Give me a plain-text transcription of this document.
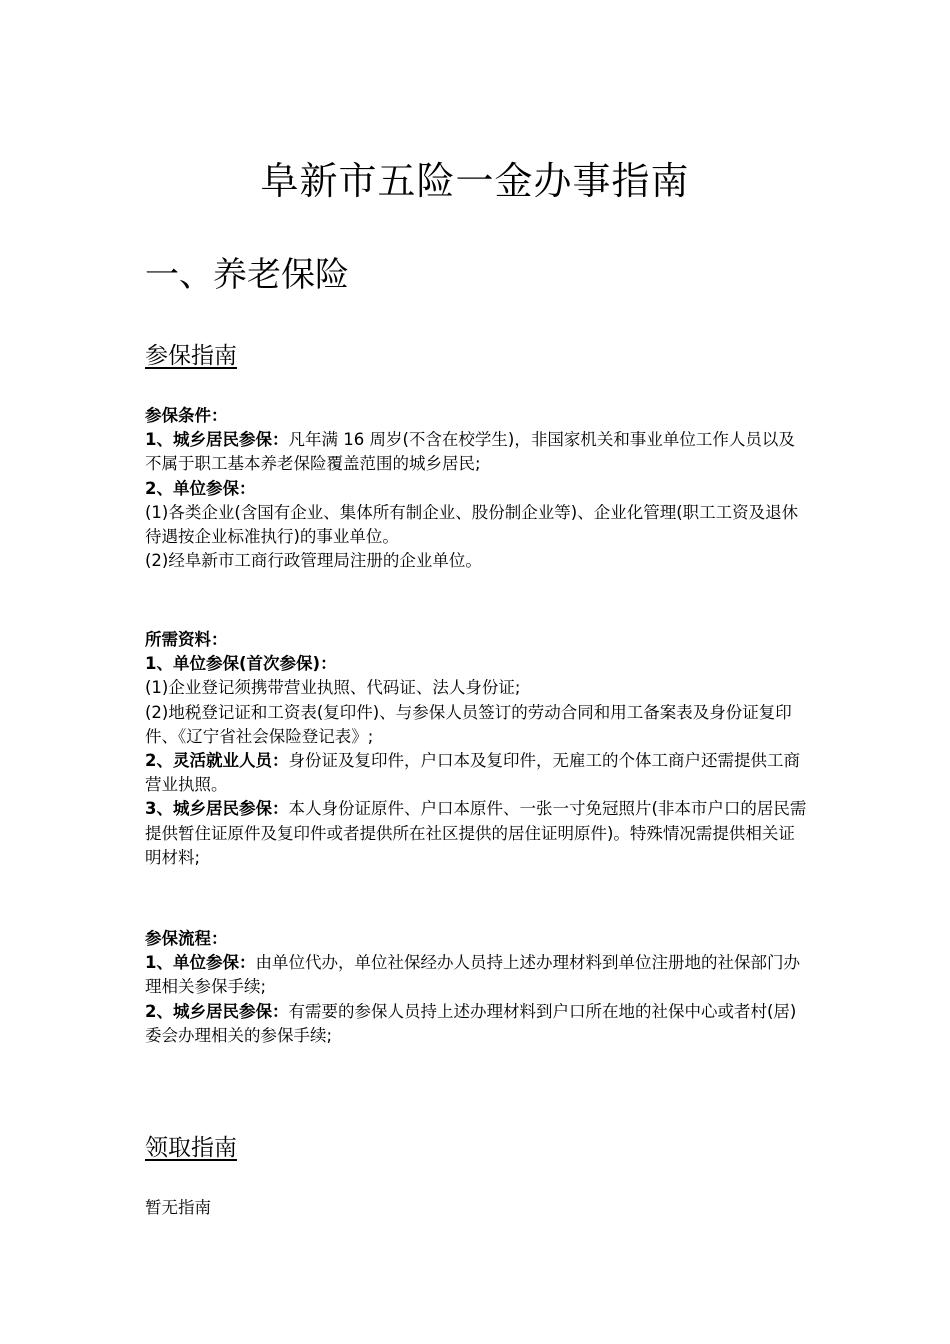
阜新市五险一金办事指南
一、养老保险
参保指南

参保条件：

1、城乡居民参保：凡年满 16 周岁(不含在校学生)，非国家机关和事业单位工作人员以及不属于职工基本养老保险覆盖范围的城乡居民;

2、单位参保：

(1)各类企业(含国有企业、集体所有制企业、股份制企业等)、企业化管理(职工工资及退休待遇按企业标准执行)的事业单位。

(2)经阜新市工商行政管理局注册的企业单位。

所需资料：

1、单位参保(首次参保)：

(1)企业登记须携带营业执照、代码证、法人身份证;

(2)地税登记证和工资表(复印件)、与参保人员签订的劳动合同和用工备案表及身份证复印件、《辽宁省社会保险登记表》;

2、灵活就业人员：身份证及复印件，户口本及复印件，无雇工的个体工商户还需提供工商营业执照。

3、城乡居民参保：本人身份证原件、户口本原件、一张一寸免冠照片(非本市户口的居民需提供暂住证原件及复印件或者提供所在社区提供的居住证明原件)。特殊情况需提供相关证明材料;

参保流程：

1、单位参保：由单位代办，单位社保经办人员持上述办理材料到单位注册地的社保部门办理相关参保手续;

2、城乡居民参保：有需要的参保人员持上述办理材料到户口所在地的社保中心或者村(居)委会办理相关的参保手续;

领取指南

暂无指南
